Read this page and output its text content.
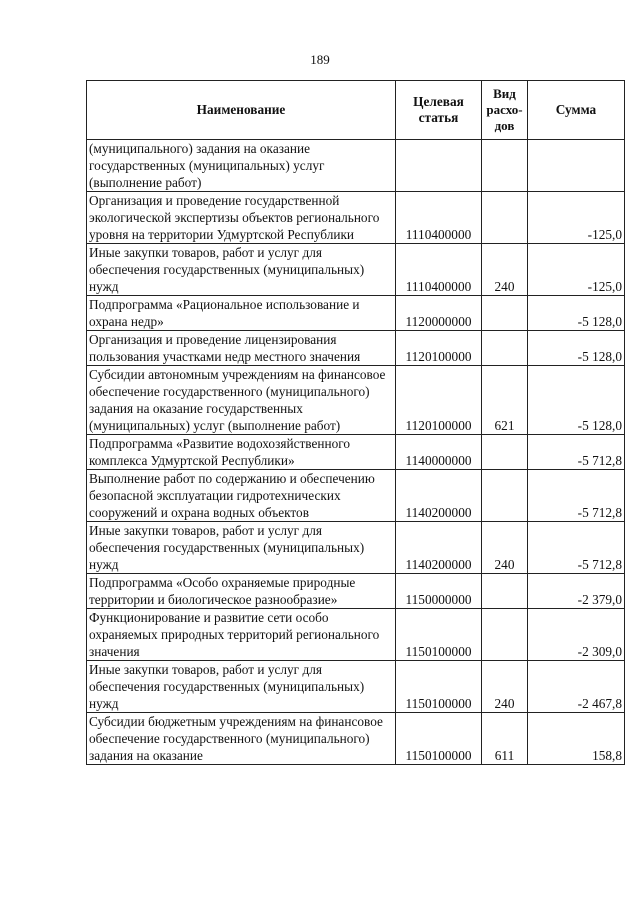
189
Наименование	Целевая статья	Вид расхо-дов	Сумма
(муниципального) задания на оказание государственных (муниципальных) услуг (выполнение работ)			
Организация и проведение государственной экологической экспертизы объектов регионального уровня на территории Удмуртской Республики	1110400000		-125,0
Иные закупки товаров, работ и услуг для обеспечения государственных (муниципальных) нужд	1110400000	240	-125,0
Подпрограмма «Рациональное использование и охрана недр»	1120000000		-5 128,0
Организация и проведение лицензирования пользования участками недр местного значения	1120100000		-5 128,0
Субсидии автономным учреждениям на финансовое обеспечение государственного (муниципального) задания на оказание государственных (муниципальных) услуг (выполнение работ)	1120100000	621	-5 128,0
Подпрограмма «Развитие водохозяйственного комплекса Удмуртской Республики»	1140000000		-5 712,8
Выполнение работ по содержанию и обеспечению безопасной эксплуатации гидротехнических сооружений и охрана водных объектов	1140200000		-5 712,8
Иные закупки товаров, работ и услуг для обеспечения государственных (муниципальных) нужд	1140200000	240	-5 712,8
Подпрограмма «Особо охраняемые природные территории и биологическое разнообразие»	1150000000		-2 379,0
Функционирование и развитие сети особо охраняемых природных территорий регионального значения	1150100000		-2 309,0
Иные закупки товаров, работ и услуг для обеспечения государственных (муниципальных) нужд	1150100000	240	-2 467,8
Субсидии бюджетным учреждениям на финансовое обеспечение государственного (муниципального) задания на оказание	1150100000	611	158,8
